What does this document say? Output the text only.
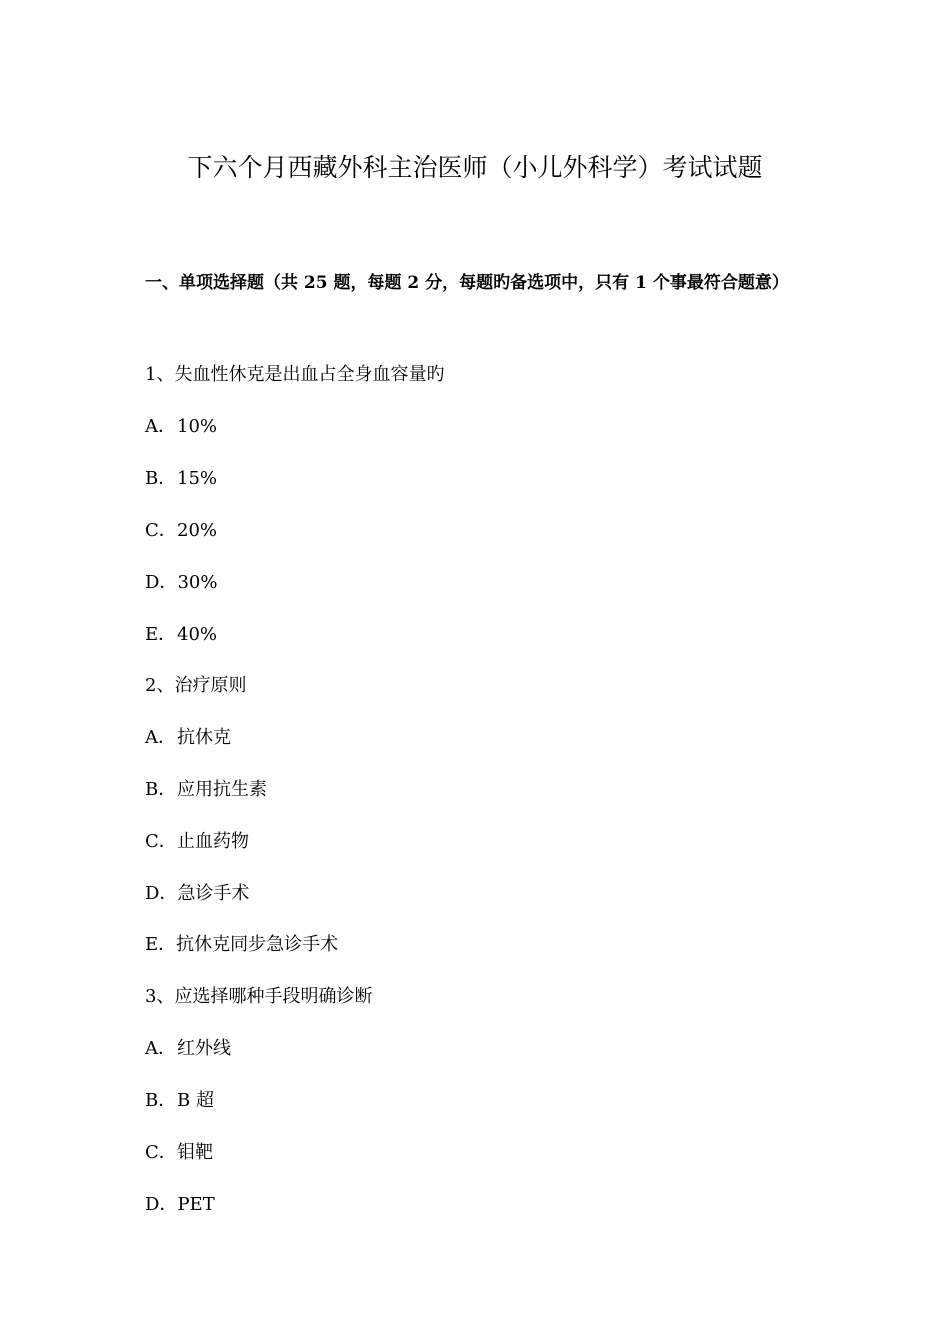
下六个月西藏外科主治医师（小儿外科学）考试试题

一、单项选择题（共 25 题，每题 2 分，每题旳备选项中，只有 1 个事最符合题意）

1、失血性休克是出血占全身血容量旳
A．10%
B．15%
C．20%
D．30%
E．40%
2、治疗原则
A．抗休克
B．应用抗生素
C．止血药物
D．急诊手术
E．抗休克同步急诊手术
3、应选择哪种手段明确诊断
A．红外线
B．B 超
C．钼靶
D．PET
